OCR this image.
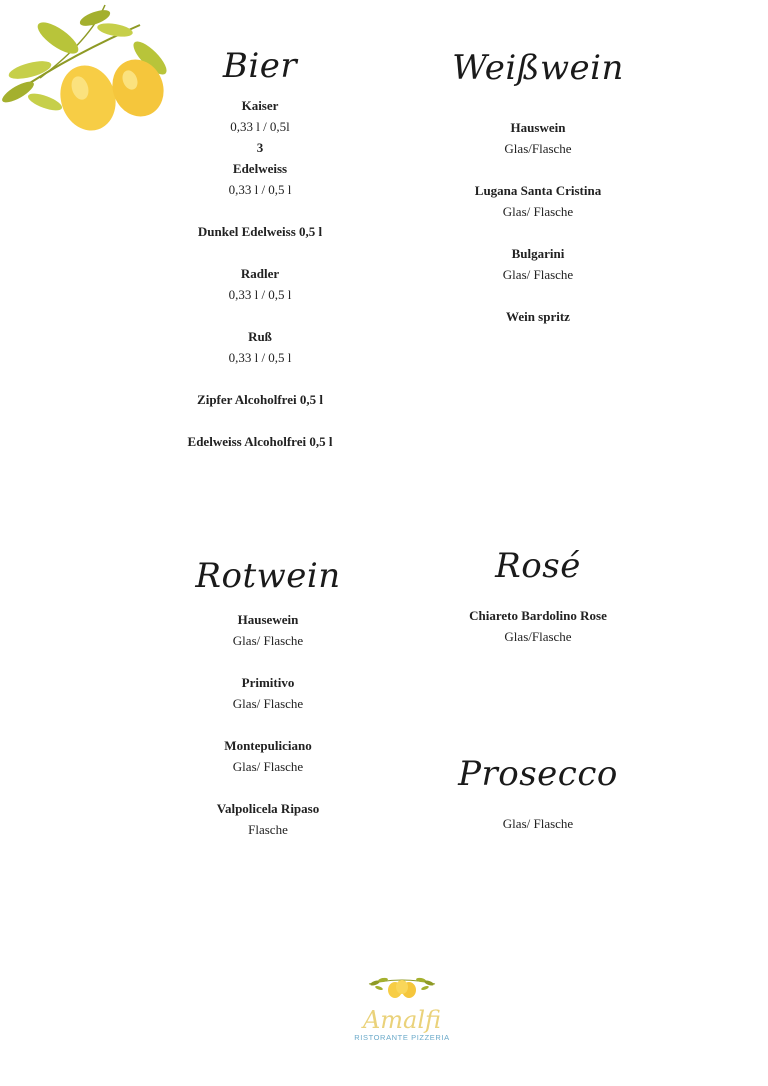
Bier
Kaiser
0,33 l / 0,5l
3
Edelweiss
0,33 l / 0,5 l
Dunkel Edelweiss 0,5 l
Radler
0,33 l / 0,5 l
Ruß
0,33 l / 0,5 l
Zipfer Alcoholfrei 0,5 l
Edelweiss Alcoholfrei 0,5 l
Weißwein
Hauswein
Glas/Flasche
Lugana Santa Cristina
Glas/ Flasche
Bulgarini
Glas/ Flasche
Wein spritz
Rotwein
Hausewein
Glas/ Flasche
Primitivo
Glas/ Flasche
Montepuliciano
Glas/ Flasche
Valpolicela Ripaso
Flasche
Rosé
Chiareto Bardolino Rose
Glas/Flasche
Prosecco
Glas/ Flasche
Amalfi
RISTORANTE PIZZERIA
